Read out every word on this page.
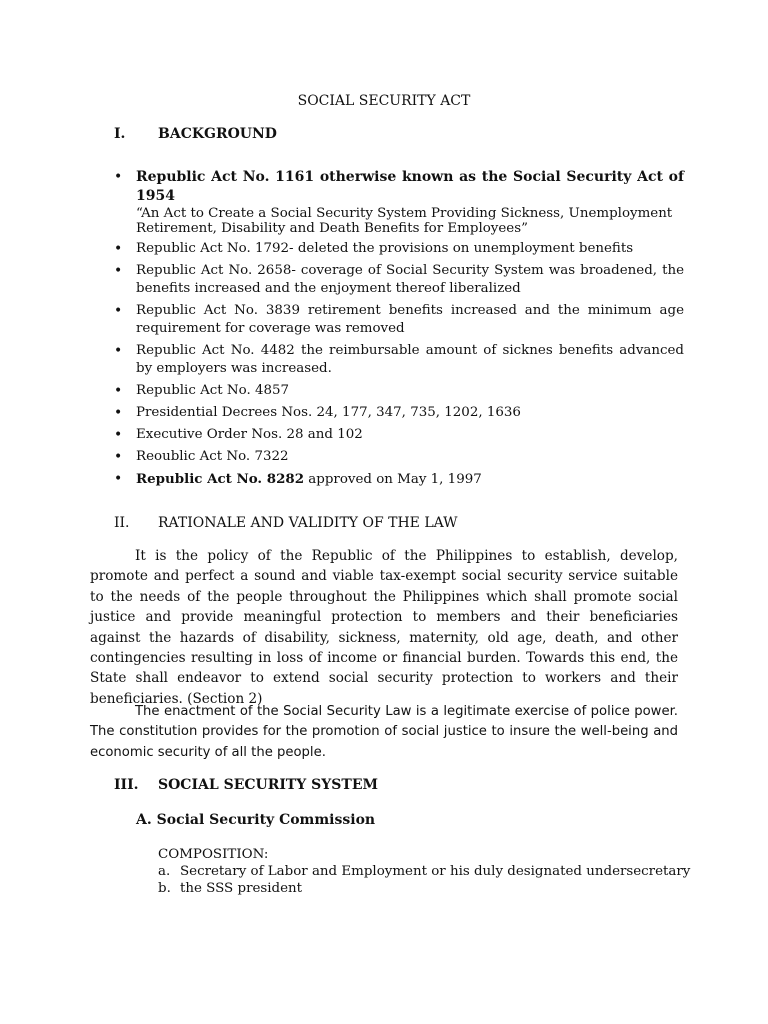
SOCIAL SECURITY ACT
I. BACKGROUND
• Republic Act No. 1161 otherwise known as the Social Security Act of 1954
“An Act to Create a Social Security System Providing Sickness, Unemployment Retirement, Disability and Death Benefits for Employees”
• Republic Act No. 1792- deleted the provisions on unemployment benefits
• Republic Act No. 2658- coverage of Social Security System was broadened, the benefits increased and the enjoyment thereof liberalized
• Republic Act No. 3839 retirement benefits increased and the minimum age requirement for coverage was removed
• Republic Act No. 4482 the reimbursable amount of sicknes benefits advanced by employers was increased.
• Republic Act No. 4857
• Presidential Decrees Nos. 24, 177, 347, 735, 1202, 1636
• Executive Order Nos. 28 and 102
• Reoublic Act No. 7322
• Republic Act No. 8282 approved on May 1, 1997
II. RATIONALE AND VALIDITY OF THE LAW

It is the policy of the Republic of the Philippines to establish, develop, promote and perfect a sound and viable tax-exempt social security service suitable to the needs of the people throughout the Philippines which shall promote social justice and provide meaningful protection to members and their beneficiaries against the hazards of disability, sickness, maternity, old age, death, and other contingencies resulting in loss of income or financial burden. Towards this end, the State shall endeavor to extend social security protection to workers and their beneficiaries. (Section 2)

The enactment of the Social Security Law is a legitimate exercise of police power. The constitution provides for the promotion of social justice to insure the well-being and economic security of all the people.

III. SOCIAL SECURITY SYSTEM
A. Social Security Commission
COMPOSITION:
a. Secretary of Labor and Employment or his duly designated undersecretary
b. the SSS president
